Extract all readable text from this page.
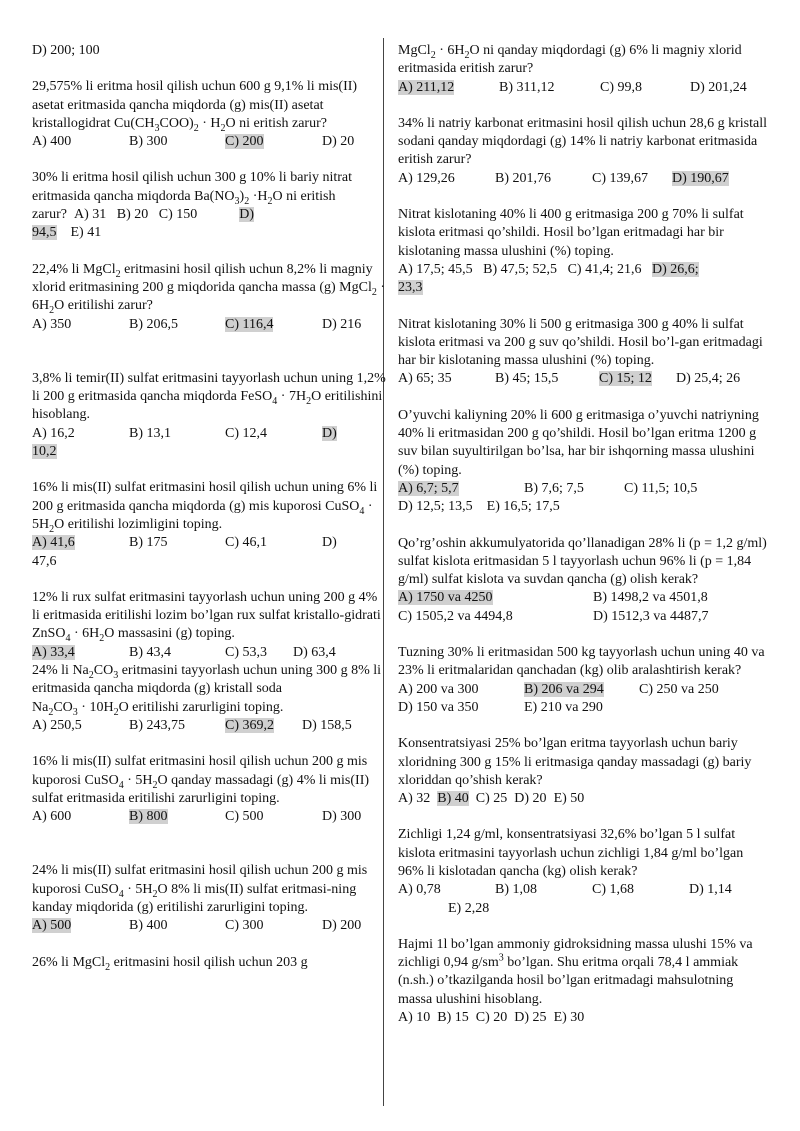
D) 200; 100

29,575% li eritma hosil qilish uchun 600 g 9,1% li mis(II) asetat eritmasida qancha miqdorda (g) mis(II) asetat kristallogidrat $Cu(CH_3COO)_2 \cdot H_2O$ ni eritish zarur?

A) 400	B) 300	C) 200	D) 20

30% li eritma hosil qilish uchun 300 g 10% li bariy nitrat eritmasida qancha miqdorda $Ba(NO_3)_2 \cdot H_2O$ ni eritish zarur? A) 31 B) 20 C) 150	D)
94,5 E) 41

22,4% li MgCl$_2$ eritmasini hosil qilish uchun 8,2% li magniy xlorid eritmasining 200 g miqdorida qancha massa (g) MgCl$_2$ · $6H_2O$ eritilishi zarur?

A) 350	B) 206,5	C) 116,4	D) 216

3,8% li temir(II) sulfat eritmasini tayyorlash uchun uning 1,2% li 200 g eritmasida qancha miqdorda FeSO$_4$ · $7H_2O$ eritilishini hisoblang.

A) 16,2	B) 13,1	C) 12,4	D)

10,2

16% li mis(II) sulfat eritmasini hosil qilish uchun uning 6% li 200 g eritmasida qancha miqdorda (g) mis kuporosi CuSO$_4$ · $5H_2O$ eritilishi lozimligini toping.

A) 41,6	B) 175	C) 46,1	D)

47,6

12% li rux sulfat eritmasini tayyorlash uchun uning 200 g 4% li eritmasida eritilishi lozim bo’lgan rux sulfat kristallo-gidrati ZnSO$_4$ · $6H_2O$ massasini (g) toping.

A) 33,4	B) 43,4	C) 53,3	D) 63,4

24% li $Na_2CO_3$ eritmasini tayyorlash uchun uning 300 g 8% li eritmasida qancha miqdorda (g) kristall soda
$Na_2CO_3 \cdot 10H_2O$ eritilishi zarurligini toping.

A) 250,5	B) 243,75	C) 369,2	D) 158,5

16% li mis(II) sulfat eritmasini hosil qilish uchun 200 g mis kuporosi CuSO$_4$ · $5H_2O$ qanday massadagi (g) 4% li mis(II) sulfat eritmasida eritilishi zarurligini toping.

A) 600	B) 800	C) 500	D) 300

24% li mis(II) sulfat eritmasini hosil qilish uchun 200 g mis kuporosi CuSO$_4$ · $5H_2O$ 8% li mis(II) sulfat eritmasi-ning kanday miqdorida (g) eritilishi zarurligini toping.

A) 500	B) 400	C) 300	D) 200

26% li MgCl$_2$ eritmasini hosil qilish uchun 203 g

MgCl$_2$ · $6H_2O$ ni qanday miqdordagi (g) 6% li magniy xlorid eritmasida eritish zarur?

A) 211,12	B) 311,12	C) 99,8	D) 201,24

34% li natriy karbonat eritmasini hosil qilish uchun 28,6 g kristall sodani qanday miqdordagi (g) 14% li natriy karbonat eritmasida eritish zarur?

A) 129,26	B) 201,76	C) 139,67	D) 190,67

Nitrat kislotaning 40% li 400 g eritmasiga 200 g 70% li sulfat kislota eritmasi qo’shildi. Hosil bo’lgan eritmadagi har bir kislotaning massa ulushini (%) toping.

A) 17,5; 45,5 B) 47,5; 52,5 C) 41,4; 21,6 D) 26,6;
23,3

Nitrat kislotaning 30% li 500 g eritmasiga 300 g 40% li sulfat kislota eritmasi va 200 g suv qo’shildi. Hosil bo’l-gan eritmadagi har bir kislotaning massa ulushini (%) toping.

A) 65; 35	B) 45; 15,5	C) 15; 12	D) 25,4; 26

O’yuvchi kaliyning 20% li 600 g eritmasiga o’yuvchi natriyning 40% li eritmasidan 200 g qo’shildi. Hosil bo’lgan eritma 1200 g suv bilan suyultirilgan bo’lsa, har bir ishqorning massa ulushini (%) toping.

A) 6,7; 5,7	B) 7,6; 7,5	C) 11,5; 10,5

D) 12,5; 13,5 E) 16,5; 17,5

Qo’rg’oshin akkumulyatorida qo’llanadigan 28% li (p = 1,2 g/ml) sulfat kislota eritmasidan 5 l tayyorlash uchun 96% li (p = 1,84 g/ml) sulfat kislota va suvdan qancha (g) olish kerak?

A) 1750 va 4250	B) 1498,2 va 4501,8

C) 1505,2 va 4494,8	D) 1512,3 va 4487,7

Tuzning 30% li eritmasidan 500 kg tayyorlash uchun uning 40 va 23% li eritmalaridan qanchadan (kg) olib aralashtirish kerak?

A) 200 va 300	B) 206 va 294	C) 250 va 250

D) 150 va 350	E) 210 va 290

Konsentratsiyasi 25% bo’lgan eritma tayyorlash uchun bariy xloridning 300 g 15% li eritmasiga qanday massadagi (g) bariy xloriddan qo’shish kerak?

A) 32 B) 40 C) 25 D) 20 E) 50

Zichligi 1,24 g/ml, konsentratsiyasi 32,6% bo’lgan 5 l sulfat kislota eritmasini tayyorlash uchun zichligi 1,84 g/ml bo’lgan 96% li kislotadan qancha (kg) olish kerak?

A) 0,78	B) 1,08	C) 1,68	D) 1,14

E) 2,28

Hajmi 1l bo’lgan ammoniy gidroksidning massa ulushi 15% va zichligi 0,94 $g/sm^3$ bo’lgan. Shu eritma orqali 78,4 l ammiak (n.sh.) o’tkazilganda hosil bo’lgan eritmadagi mahsulotning massa ulushini hisoblang.

A) 10 B) 15 C) 20 D) 25 E) 30
